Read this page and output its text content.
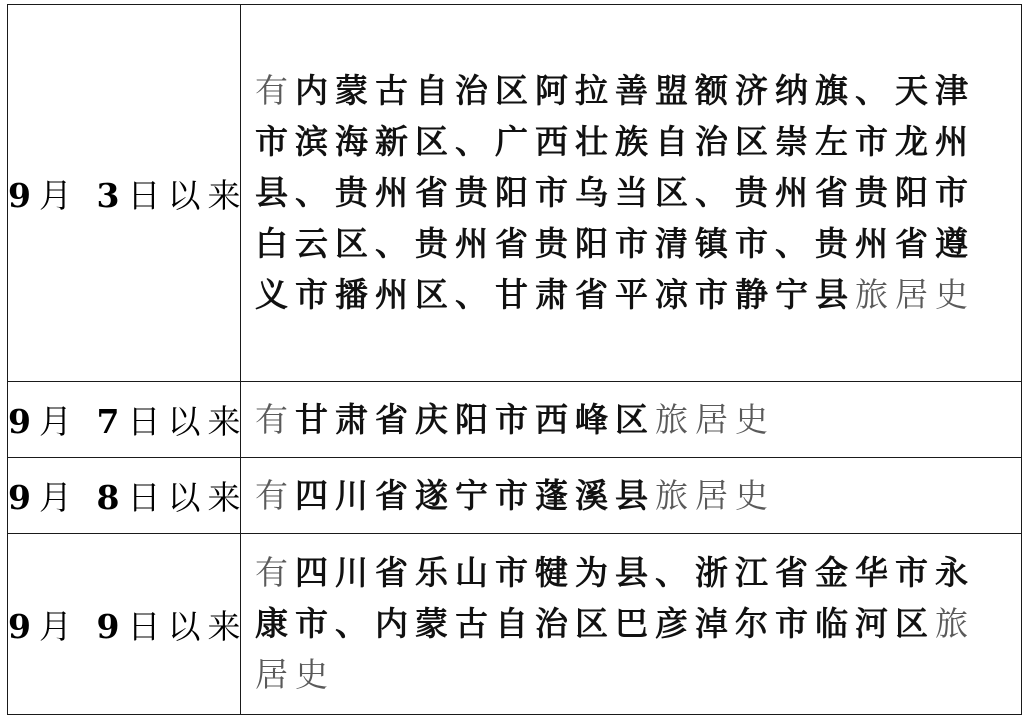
9 月 3 日以来	有内蒙古自治区阿拉善盟额济纳旗、天津市滨海新区、广西壮族自治区崇左市龙州县、贵州省贵阳市乌当区、贵州省贵阳市白云区、贵州省贵阳市清镇市、贵州省遵义市播州区、甘肃省平凉市静宁县旅居史
9 月 7 日以来	有甘肃省庆阳市西峰区旅居史
9 月 8 日以来	有四川省遂宁市蓬溪县旅居史
9 月 9 日以来	有四川省乐山市犍为县、浙江省金华市永康市、内蒙古自治区巴彦淖尔市临河区旅居史
